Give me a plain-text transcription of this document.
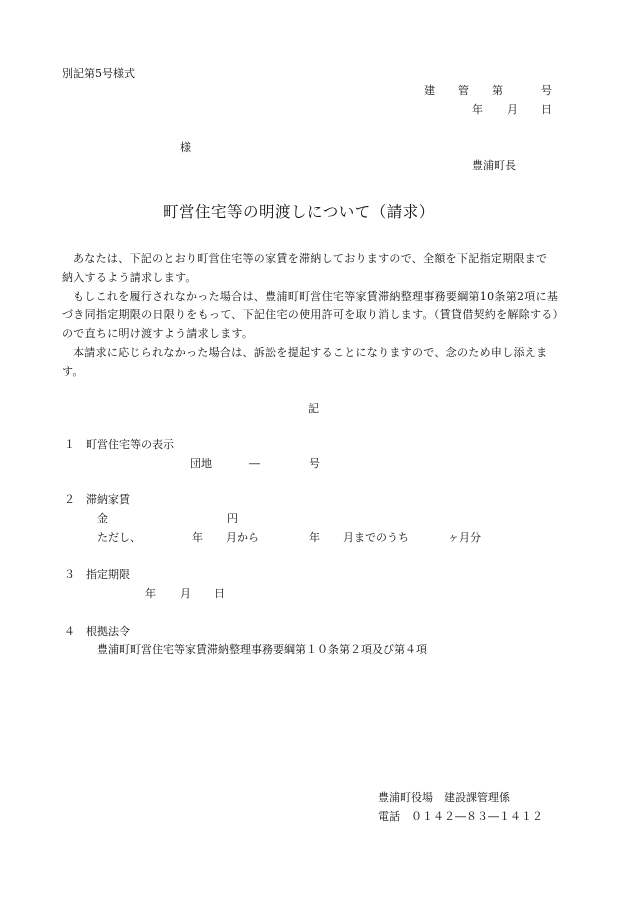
別記第5号様式
建 管 第	号
年 月 日
様
豊浦町長
町営住宅等の明渡しについて（請求）
あなたは、下記のとおり町営住宅等の家賃を滞納しておりますので、全額を下記指定期限まで
納入するよう請求します。
もしこれを履行されなかった場合は、豊浦町町営住宅等家賃滞納整理事務要綱第10条第2項に基
づき同指定期限の日限りをもって、下記住宅の使用許可を取り消します。（賃貸借契約を解除する）
ので直ちに明け渡すよう請求します。
本請求に応じられなかった場合は、訴訟を提起することになりますので、念のため申し添えま
す。
記
１ 町営住宅等の表示
団地	―	号
２ 滞納家賃
金	円
ただし、	年 月から	年 月までのうち	ヶ月分
３ 指定期限
年 月 日
４ 根拠法令
豊浦町町営住宅等家賃滞納整理事務要綱第１０条第２項及び第４項
豊浦町役場　建設課管理係
電話　０１４２―８３―１４１２
